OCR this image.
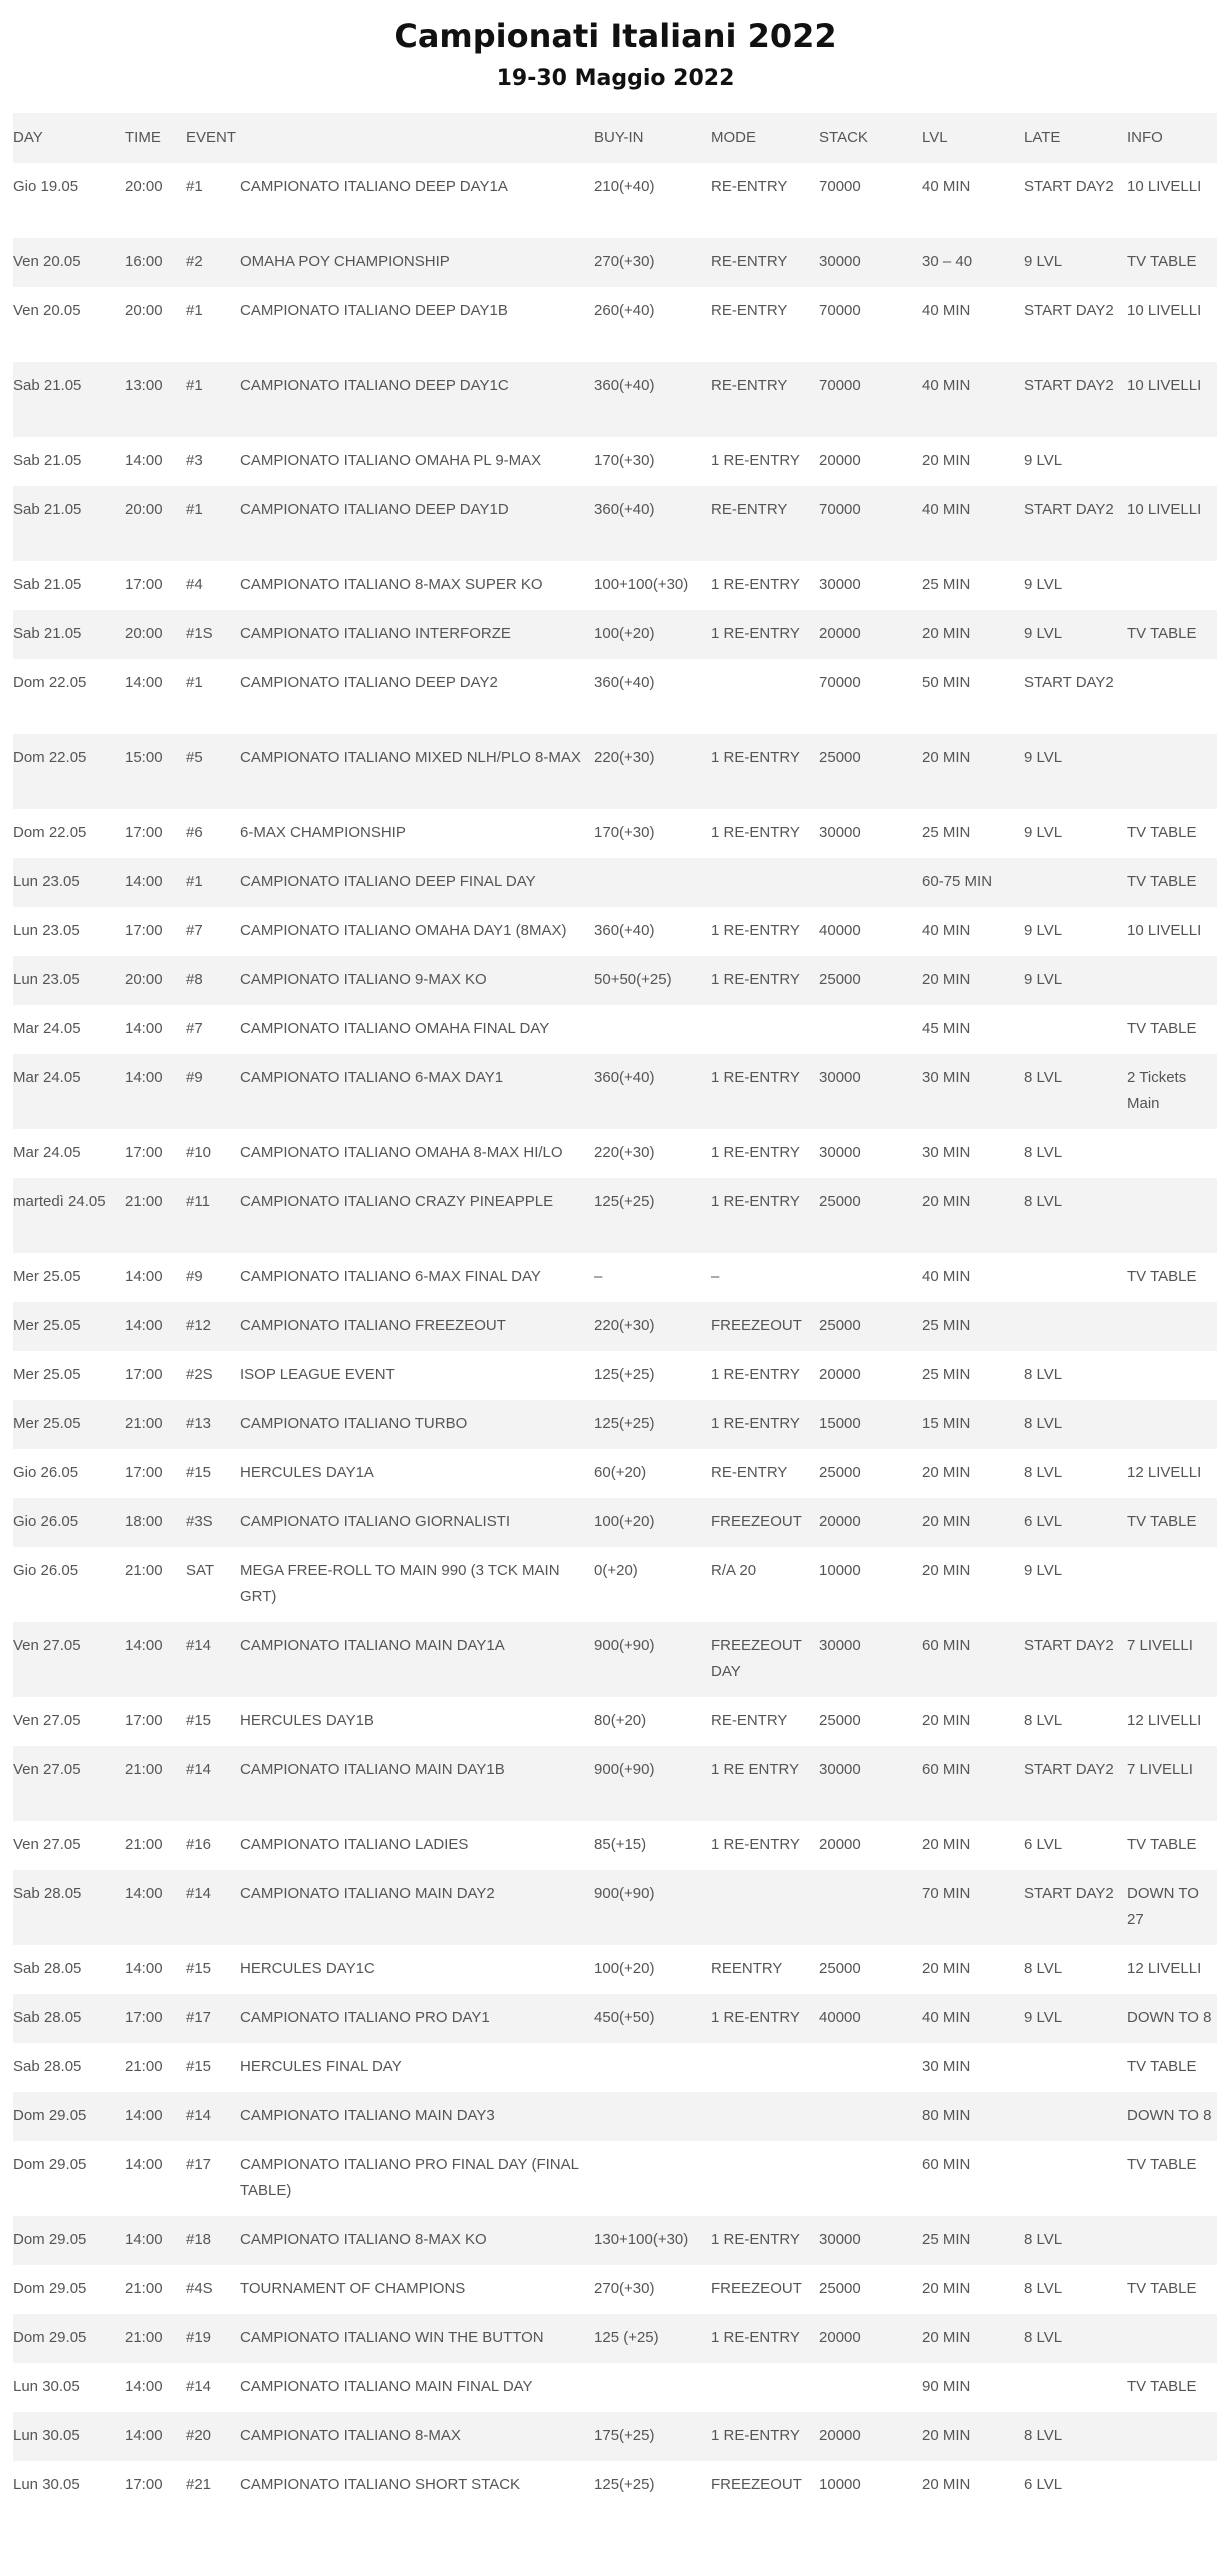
Campionati Italiani 2022
19-30 Maggio 2022
DAY	TIME	EVENT		BUY-IN	MODE	STACK	LVL	LATE	INFO
Gio 19.05	20:00	#1	CAMPIONATO ITALIANO DEEP DAY1A	210(+40)	RE-ENTRY	70000	40 MIN	START DAY2	10 LIVELLI
Ven 20.05	16:00	#2	OMAHA POY CHAMPIONSHIP	270(+30)	RE-ENTRY	30000	30 – 40	9 LVL	TV TABLE
Ven 20.05	20:00	#1	CAMPIONATO ITALIANO DEEP DAY1B	260(+40)	RE-ENTRY	70000	40 MIN	START DAY2	10 LIVELLI
Sab 21.05	13:00	#1	CAMPIONATO ITALIANO DEEP DAY1C	360(+40)	RE-ENTRY	70000	40 MIN	START DAY2	10 LIVELLI
Sab 21.05	14:00	#3	CAMPIONATO ITALIANO OMAHA PL 9-MAX	170(+30)	1 RE-ENTRY	20000	20 MIN	9 LVL	
Sab 21.05	20:00	#1	CAMPIONATO ITALIANO DEEP DAY1D	360(+40)	RE-ENTRY	70000	40 MIN	START DAY2	10 LIVELLI
Sab 21.05	17:00	#4	CAMPIONATO ITALIANO 8-MAX SUPER KO	100+100(+30)	1 RE-ENTRY	30000	25 MIN	9 LVL	
Sab 21.05	20:00	#1S	CAMPIONATO ITALIANO INTERFORZE	100(+20)	1 RE-ENTRY	20000	20 MIN	9 LVL	TV TABLE
Dom 22.05	14:00	#1	CAMPIONATO ITALIANO DEEP DAY2	360(+40)		70000	50 MIN	START DAY2	
Dom 22.05	15:00	#5	CAMPIONATO ITALIANO MIXED NLH/PLO 8-MAX	220(+30)	1 RE-ENTRY	25000	20 MIN	9 LVL	
Dom 22.05	17:00	#6	6-MAX CHAMPIONSHIP	170(+30)	1 RE-ENTRY	30000	25 MIN	9 LVL	TV TABLE
Lun 23.05	14:00	#1	CAMPIONATO ITALIANO DEEP FINAL DAY				60-75 MIN		TV TABLE
Lun 23.05	17:00	#7	CAMPIONATO ITALIANO OMAHA DAY1 (8MAX)	360(+40)	1 RE-ENTRY	40000	40 MIN	9 LVL	10 LIVELLI
Lun 23.05	20:00	#8	CAMPIONATO ITALIANO 9-MAX KO	50+50(+25)	1 RE-ENTRY	25000	20 MIN	9 LVL	
Mar 24.05	14:00	#7	CAMPIONATO ITALIANO OMAHA FINAL DAY				45 MIN		TV TABLE
Mar 24.05	14:00	#9	CAMPIONATO ITALIANO 6-MAX DAY1	360(+40)	1 RE-ENTRY	30000	30 MIN	8 LVL	2 Tickets Main
Mar 24.05	17:00	#10	CAMPIONATO ITALIANO OMAHA 8-MAX HI/LO	220(+30)	1 RE-ENTRY	30000	30 MIN	8 LVL	
martedì 24.05	21:00	#11	CAMPIONATO ITALIANO CRAZY PINEAPPLE	125(+25)	1 RE-ENTRY	25000	20 MIN	8 LVL	
Mer 25.05	14:00	#9	CAMPIONATO ITALIANO 6-MAX FINAL DAY	–	–		40 MIN		TV TABLE
Mer 25.05	14:00	#12	CAMPIONATO ITALIANO FREEZEOUT	220(+30)	FREEZEOUT	25000	25 MIN		
Mer 25.05	17:00	#2S	ISOP LEAGUE EVENT	125(+25)	1 RE-ENTRY	20000	25 MIN	8 LVL	
Mer 25.05	21:00	#13	CAMPIONATO ITALIANO TURBO	125(+25)	1 RE-ENTRY	15000	15 MIN	8 LVL	
Gio 26.05	17:00	#15	HERCULES DAY1A	60(+20)	RE-ENTRY	25000	20 MIN	8 LVL	12 LIVELLI
Gio 26.05	18:00	#3S	CAMPIONATO ITALIANO GIORNALISTI	100(+20)	FREEZEOUT	20000	20 MIN	6 LVL	TV TABLE
Gio 26.05	21:00	SAT	MEGA FREE-ROLL TO MAIN 990 (3 TCK MAIN GRT)	0(+20)	R/A 20	10000	20 MIN	9 LVL	
Ven 27.05	14:00	#14	CAMPIONATO ITALIANO MAIN DAY1A	900(+90)	FREEZEOUT DAY	30000	60 MIN	START DAY2	7 LIVELLI
Ven 27.05	17:00	#15	HERCULES DAY1B	80(+20)	RE-ENTRY	25000	20 MIN	8 LVL	12 LIVELLI
Ven 27.05	21:00	#14	CAMPIONATO ITALIANO MAIN DAY1B	900(+90)	1 RE ENTRY	30000	60 MIN	START DAY2	7 LIVELLI
Ven 27.05	21:00	#16	CAMPIONATO ITALIANO LADIES	85(+15)	1 RE-ENTRY	20000	20 MIN	6 LVL	TV TABLE
Sab 28.05	14:00	#14	CAMPIONATO ITALIANO MAIN DAY2	900(+90)			70 MIN	START DAY2	DOWN TO 27
Sab 28.05	14:00	#15	HERCULES DAY1C	100(+20)	REENTRY	25000	20 MIN	8 LVL	12 LIVELLI
Sab 28.05	17:00	#17	CAMPIONATO ITALIANO PRO DAY1	450(+50)	1 RE-ENTRY	40000	40 MIN	9 LVL	DOWN TO 8
Sab 28.05	21:00	#15	HERCULES FINAL DAY				30 MIN		TV TABLE
Dom 29.05	14:00	#14	CAMPIONATO ITALIANO MAIN DAY3				80 MIN		DOWN TO 8
Dom 29.05	14:00	#17	CAMPIONATO ITALIANO PRO FINAL DAY (FINAL TABLE)				60 MIN		TV TABLE
Dom 29.05	14:00	#18	CAMPIONATO ITALIANO 8-MAX KO	130+100(+30)	1 RE-ENTRY	30000	25 MIN	8 LVL	
Dom 29.05	21:00	#4S	TOURNAMENT OF CHAMPIONS	270(+30)	FREEZEOUT	25000	20 MIN	8 LVL	TV TABLE
Dom 29.05	21:00	#19	CAMPIONATO ITALIANO WIN THE BUTTON	125 (+25)	1 RE-ENTRY	20000	20 MIN	8 LVL	
Lun 30.05	14:00	#14	CAMPIONATO ITALIANO MAIN FINAL DAY				90 MIN		TV TABLE
Lun 30.05	14:00	#20	CAMPIONATO ITALIANO 8-MAX	175(+25)	1 RE-ENTRY	20000	20 MIN	8 LVL	
Lun 30.05	17:00	#21	CAMPIONATO ITALIANO SHORT STACK	125(+25)	FREEZEOUT	10000	20 MIN	6 LVL	
